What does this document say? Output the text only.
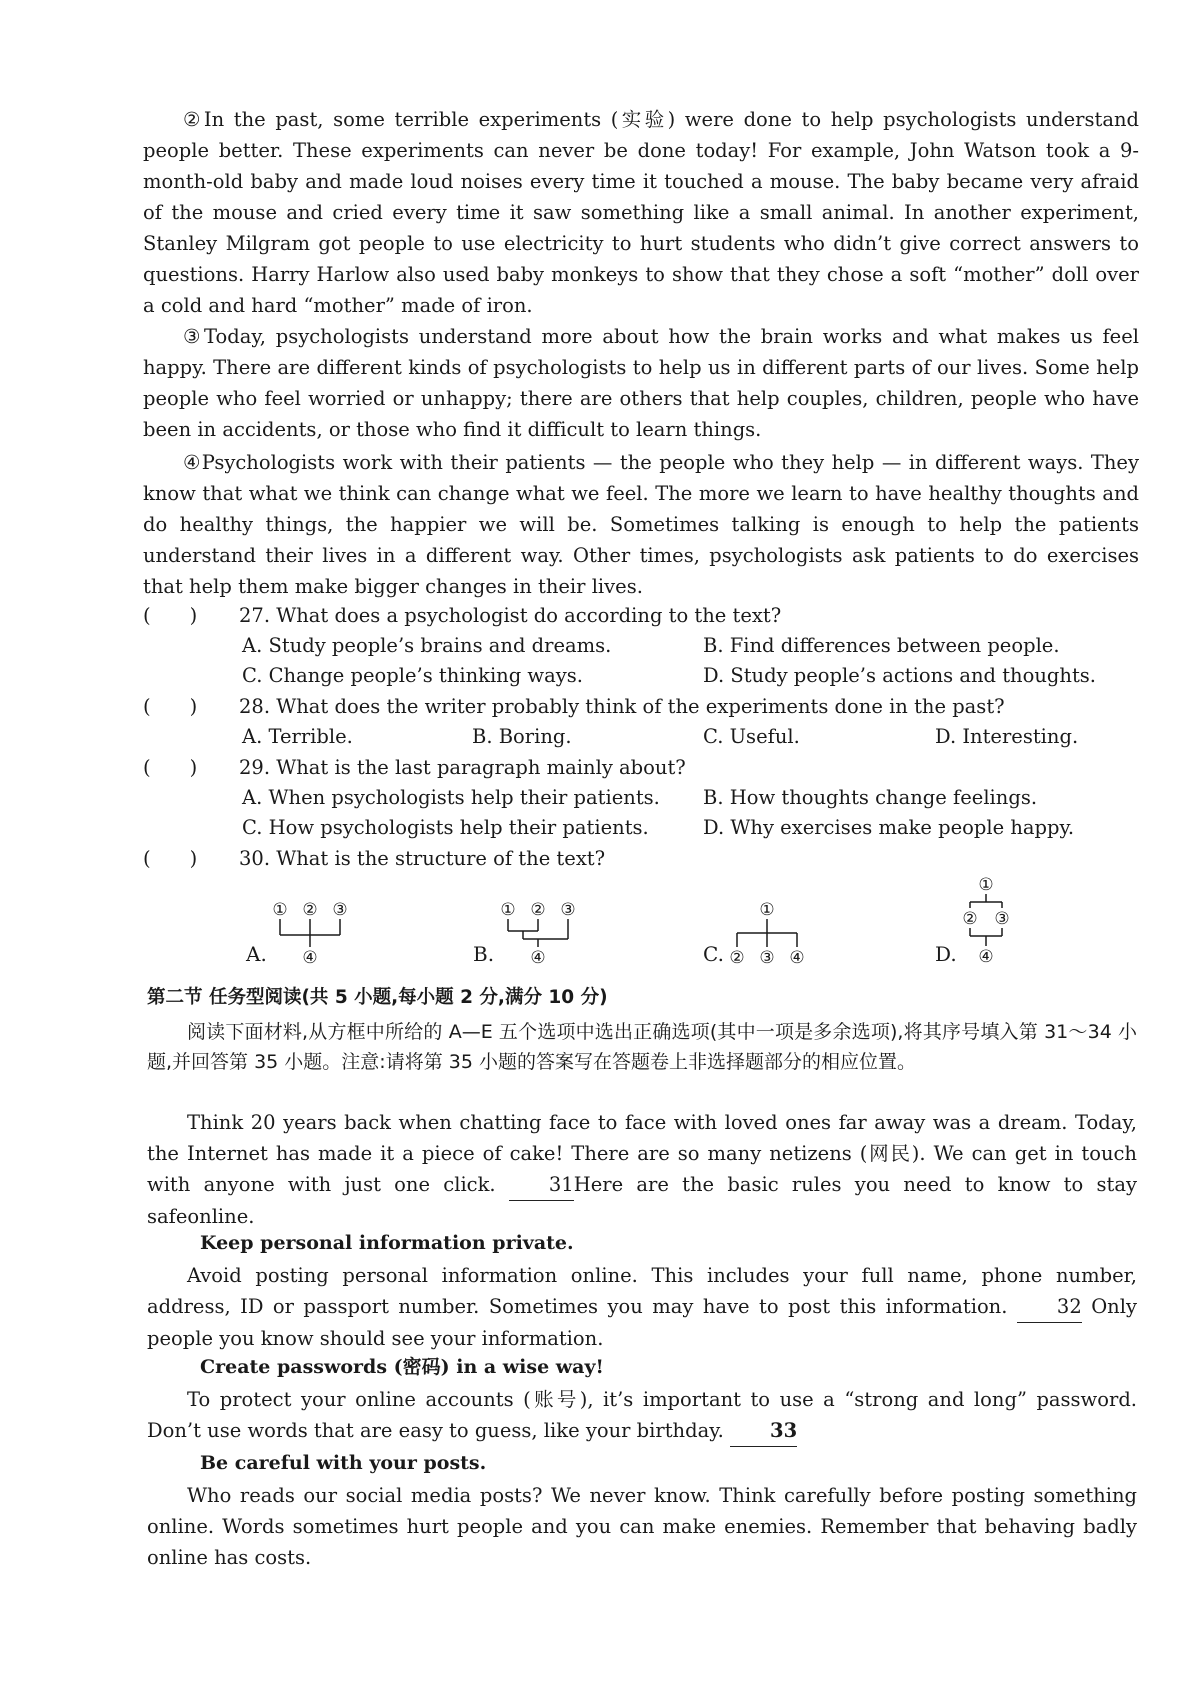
②In the past, some terrible experiments (实验) were done to help psychologists understand people better. These experiments can never be done today! For example, John Watson took a 9-month-old baby and made loud noises every time it touched a mouse. The baby became very afraid of the mouse and cried every time it saw something like a small animal. In another experiment, Stanley Milgram got people to use electricity to hurt students who didn’t give correct answers to questions. Harry Harlow also used baby monkeys to show that they chose a soft “mother” doll over a cold and hard “mother” made of iron.

③Today, psychologists understand more about how the brain works and what makes us feel happy. There are different kinds of psychologists to help us in different parts of our lives. Some help people who feel worried or unhappy; there are others that help couples, children, people who have been in accidents, or those who find it difficult to learn things.

④Psychologists work with their patients — the people who they help — in different ways. They know that what we think can change what we feel. The more we learn to have healthy thoughts and do healthy things, the happier we will be. Sometimes talking is enough to help the patients understand their lives in a different way. Other times, psychologists ask patients to do exercises that help them make bigger changes in their lives.

(　　) 27. What does a psychologist do according to the text?
A. Study people’s brains and dreams.	B. Find differences between people.
C. Change people’s thinking ways.	D. Study people’s actions and thoughts.
(　　) 28. What does the writer probably think of the experiments done in the past?
A. Terrible.	B. Boring.	C. Useful.	D. Interesting.
(　　) 29. What is the last paragraph mainly about?
A. When psychologists help their patients. B. How thoughts change feelings.
C. How psychologists help their patients.	D. Why exercises make people happy.
(　　) 30. What is the structure of the text?
A.
① ② ③
④	B.
① ② ③
④	C.
①
② ③ ④	D.
①
② ③
④
第二节 任务型阅读(共 5 小题,每小题 2 分,满分 10 分)

阅读下面材料,从方框中所给的 A—E 五个选项中选出正确选项(其中一项是多余选项),将其序号填入第 31～34 小题,并回答第 35 小题。注意:请将第 35 小题的答案写在答题卷上非选择题部分的相应位置。

Think 20 years back when chatting face to face with loved ones far away was a dream. Today, the Internet has made it a piece of cake! There are so many netizens (网民). We can get in touch with anyone with just one click. 31Here are the basic rules you need to know to stay safeonline.

Keep personal information private.

Avoid posting personal information online. This includes your full name, phone number, address, ID or passport number. Sometimes you may have to post this information. 32 Only people you know should see your information.

Create passwords (密码) in a wise way!

To protect your online accounts (账号), it’s important to use a “strong and long” password. Don’t use words that are easy to guess, like your birthday. 33

Be careful with your posts.

Who reads our social media posts? We never know. Think carefully before posting something online. Words sometimes hurt people and you can make enemies. Remember that behaving badly online has costs.
